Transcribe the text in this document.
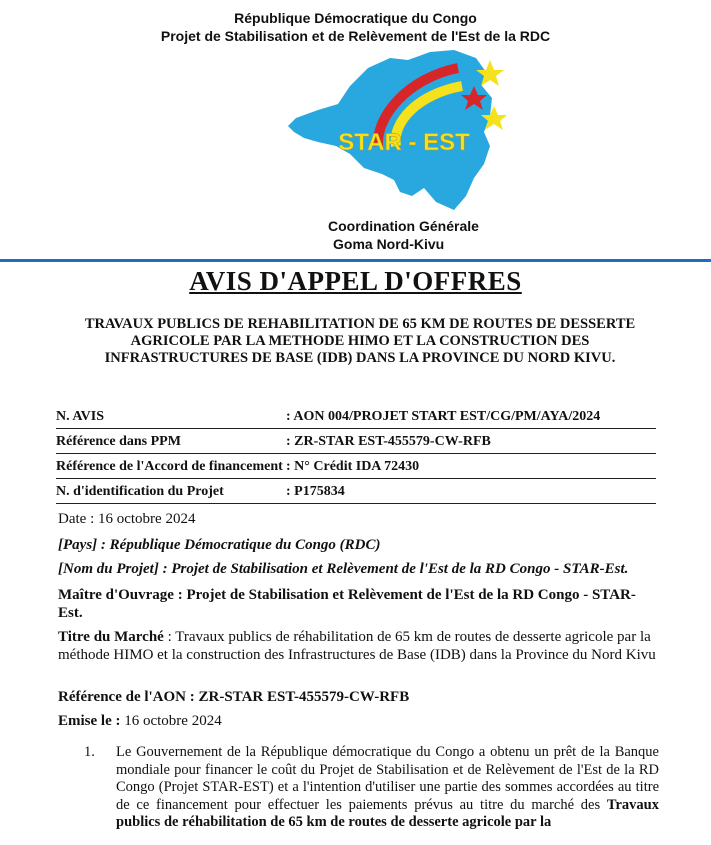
République Démocratique du Congo
Projet de Stabilisation et de Relèvement de l'Est de la RDC
STAR - EST
Coordination Générale
Goma Nord-Kivu
AVIS D'APPEL D'OFFRES
TRAVAUX PUBLICS DE REHABILITATION DE 65 KM DE ROUTES DE DESSERTE AGRICOLE PAR LA METHODE HIMO ET LA CONSTRUCTION DES INFRASTRUCTURES DE BASE (IDB) DANS LA PROVINCE DU NORD KIVU.
N. AVIS	: AON 004/PROJET START EST/CG/PM/AYA/2024
Référence dans PPM	: ZR-STAR EST-455579-CW-RFB
Référence de l'Accord de financement	: N° Crédit IDA 72430
N. d'identification du Projet	: P175834
Date : 16 octobre 2024
[Pays] : République Démocratique du Congo (RDC)
[Nom du Projet] : Projet de Stabilisation et Relèvement de l'Est de la RD Congo - STAR-Est.
Maître d'Ouvrage : Projet de Stabilisation et Relèvement de l'Est de la RD Congo - STAR-Est.
Titre du Marché : Travaux publics de réhabilitation de 65 km de routes de desserte agricole par la méthode HIMO et la construction des Infrastructures de Base (IDB) dans la Province du Nord Kivu
Référence de l'AON : ZR-STAR EST-455579-CW-RFB
Emise le : 16 octobre 2024
1. Le Gouvernement de la République démocratique du Congo a obtenu un prêt de la Banque mondiale pour financer le coût du Projet de Stabilisation et de Relèvement de l'Est de la RD Congo (Projet STAR-EST) et a l'intention d'utiliser une partie des sommes accordées au titre de ce financement pour effectuer les paiements prévus au titre du marché des Travaux publics de réhabilitation de 65 km de routes de desserte agricole par la
